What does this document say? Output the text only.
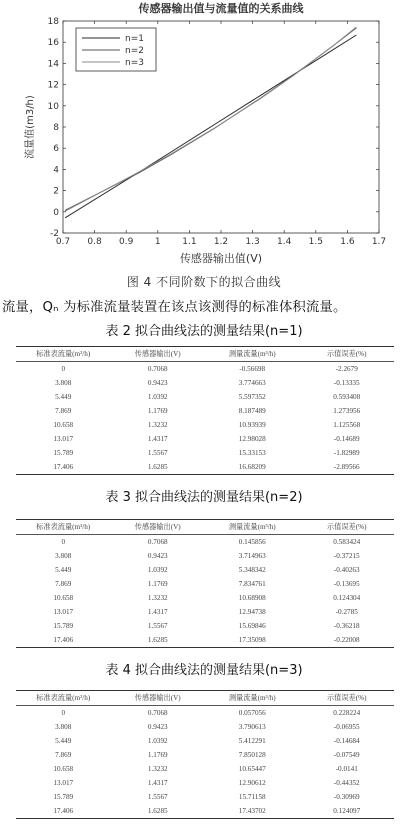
传感器输出值与流量值的关系曲线
0.7 0.8 0.9 1 1.1 1.2 1.3 1.4 1.5 1.6 1.7
-2
0
2
4
6
8
10
12
14
16
18
n=1
n=2
n=3
传感器输出值(V)
流量值(m3/h)
图 4 不同阶数下的拟合曲线
流量，Qₙ 为标准流量装置在该点该测得的标准体积流量。
表 2 拟合曲线法的测量结果(n=1)
标准表流量(m³/h)	传感器输出(V)	测量流量(m³/h)	示值误差(%)
0	0.7068	-0.56698	-2.2679
3.808	0.9423	3.774663	-0.13335
5.449	1.0392	5.597352	0.593408
7.869	1.1769	8.187489	1.273956
10.658	1.3232	10.93939	1.125568
13.017	1.4317	12.98028	-0.14689
15.789	1.5567	15.33153	-1.82989
17.406	1.6285	16.68209	-2.89566
表 3 拟合曲线法的测量结果(n=2)
标准表流量(m³/h)	传感器输出(V)	测量流量(m³/h)	示值误差(%)
0	0.7068	0.145856	0.583424
3.808	0.9423	3.714963	-0.37215
5.449	1.0392	5.348342	-0.40263
7.869	1.1769	7.834761	-0.13695
10.658	1.3232	10.68908	0.124304
13.017	1.4317	12.94738	-0.2785
15.789	1.5567	15.69846	-0.36218
17.406	1.6285	17.35098	-0.22008
表 4 拟合曲线法的测量结果(n=3)
标准表流量(m³/h)	传感器输出(V)	测量流量(m³/h)	示值误差(%)
0	0.7068	0.057056	0.228224
3.808	0.9423	3.790613	-0.06955
5.449	1.0392	5.412291	-0.14684
7.869	1.1769	7.850128	-0.07549
10.658	1.3232	10.65447	-0.0141
13.017	1.4317	12.90612	-0.44352
15.789	1.5567	15.71158	-0.30969
17.406	1.6285	17.43702	0.124097
